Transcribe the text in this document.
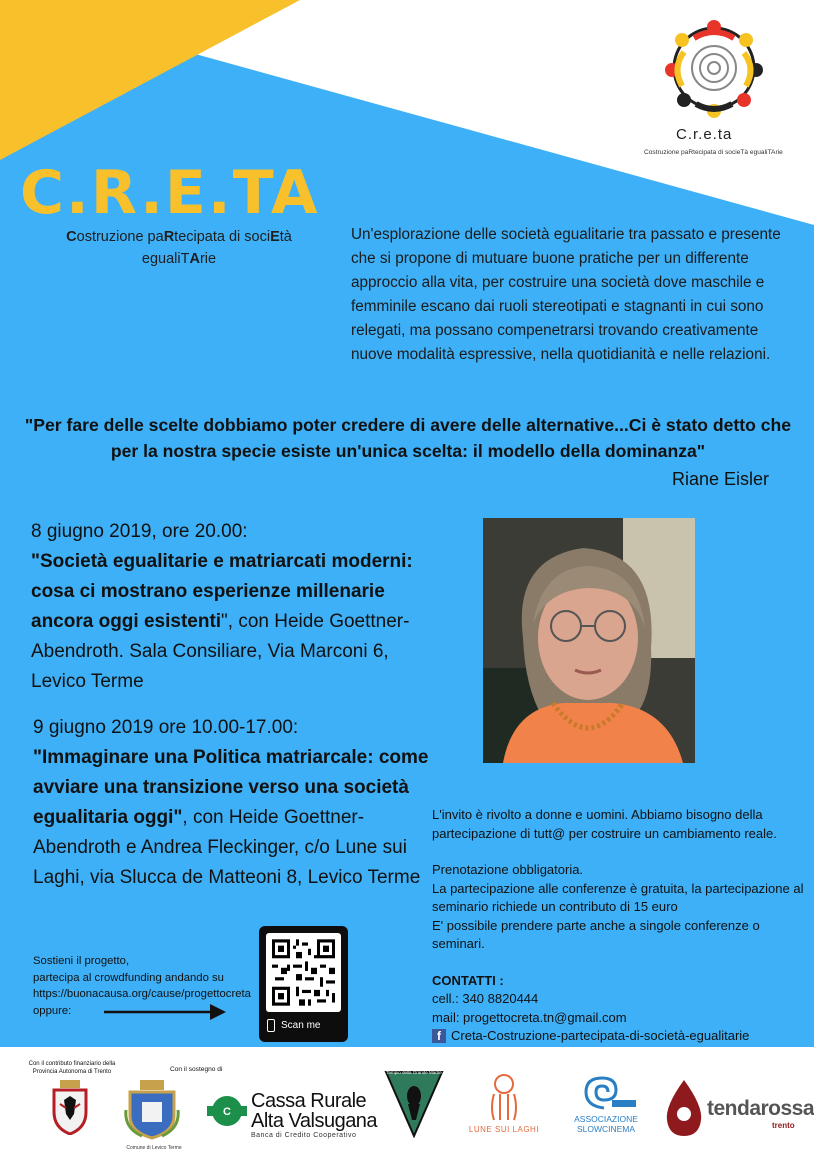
C.r.e.ta
Costruzione paRtecipata di socieTà egualiTArie
C.R.E.TA
Costruzione paRtecipata di sociEtà egualiTArie
Un'esplorazione delle società egualitarie tra passato e presente che si propone di mutuare buone pratiche per un differente approccio alla vita, per costruire una società dove maschile e femminile escano dai ruoli stereotipati e stagnanti in cui sono relegati, ma possano compenetrarsi trovando creativamente nuove modalità espressive, nella quotidianità e nelle relazioni.
"Per fare delle scelte dobbiamo poter credere di avere delle alternative...Ci è stato detto che per la nostra specie esiste un'unica scelta: il modello della dominanza"
Riane Eisler
8 giugno 2019, ore 20.00:
"Società egualitarie e matriarcati moderni: cosa ci mostrano esperienze millenarie ancora oggi esistenti", con Heide Goettner-Abendroth. Sala Consiliare, Via Marconi 6, Levico Terme
9 giugno 2019 ore 10.00-17.00:
"Immaginare una Politica matriarcale: come avviare una transizione verso una società egualitaria oggi", con Heide Goettner-Abendroth e Andrea Fleckinger, c/o Lune sui Laghi, via Slucca de Matteoni 8, Levico Terme
L'invito è rivolto a donne e uomini. Abbiamo bisogno della partecipazione di tutt@ per costruire un cambiamento reale.
Prenotazione obbligatoria.
La partecipazione alle conferenze è gratuita, la partecipazione al seminario richiede un contributo di 15 euro
E' possibile prendere parte anche a singole conferenze o seminari.
CONTATTI :
cell.: 340 8820444
mail: progettocreta.tn@gmail.com
f Creta-Costruzione-partecipata-di-società-egualitarie
Sostieni il progetto,
partecipa al crowdfunding andando su
https://buonacausa.org/cause/progettocreta
oppure:
Scan me
Con il contributo finanziario della Provincia Autonoma di Trento	Con il sostegno di
Comune di Levico Terme
C Cassa Rurale
Alta Valsugana
Banca di Credito Cooperativo
Tempio della Grande Madre
LUNE SUI LAGHI
ASSOCIAZIONE
SLOWCINEMA
tendarossa
trento
